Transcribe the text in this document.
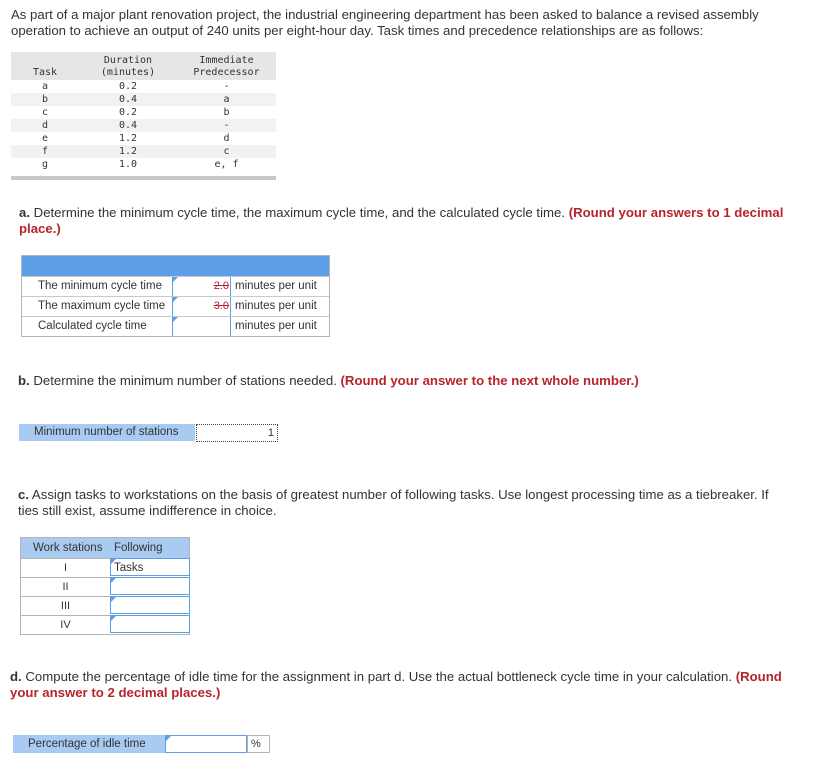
As part of a major plant renovation project, the industrial engineering department has been asked to balance a revised assembly operation to achieve an output of 240 units per eight-hour day. Task times and precedence relationships are as follows:
Task
Duration
(minutes)
Immediate
Predecessor
a	0.2	-
b	0.4	a
c	0.2	b
d	0.4	-
e	1.2	d
f	1.2	c
g	1.0	e, f
a. Determine the minimum cycle time, the maximum cycle time, and the calculated cycle time. (Round your answers to 1 decimal place.)
The minimum cycle time	2.0 minutes per unit
The maximum cycle time	3.0 minutes per unit
Calculated cycle time	minutes per unit
b. Determine the minimum number of stations needed. (Round your answer to the next whole number.)
Minimum number of stations	1
c. Assign tasks to workstations on the basis of greatest number of following tasks. Use longest processing time as a tiebreaker. If ties still exist, assume indifference in choice.
Work stations Following Tasks
I
II
III
IV
d. Compute the percentage of idle time for the assignment in part d. Use the actual bottleneck cycle time in your calculation. (Round your answer to 2 decimal places.)
Percentage of idle time	%
